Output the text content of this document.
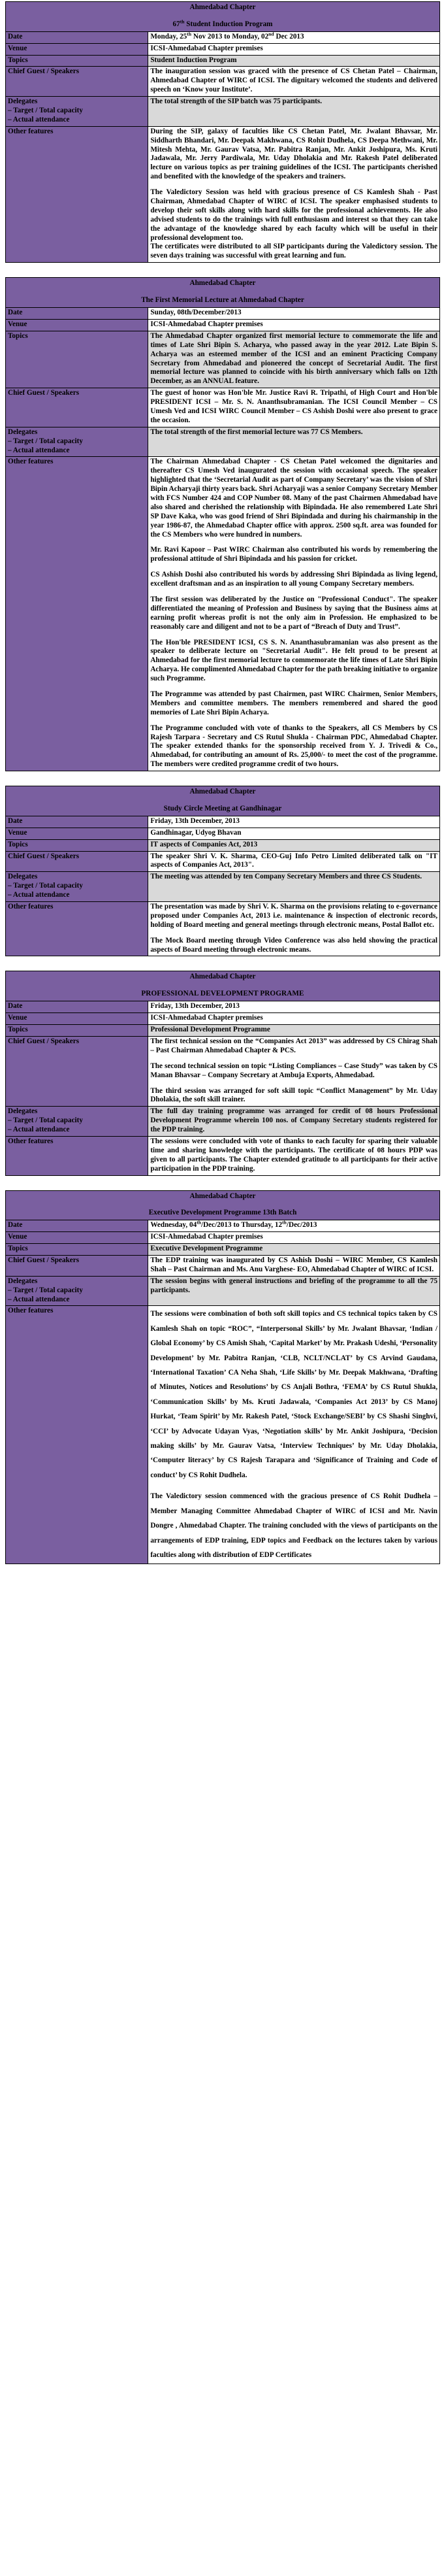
Ahmedabad Chapter
67th Student Induction Program	

Date	Monday, 25th Nov 2013 to Monday, 02nd Dec 2013
Venue	ICSI-Ahmedabad Chapter premises
Topics	Student Induction Program
Chief Guest / Speakers	The inauguration session was graced with the presence of CS Chetan Patel – Chairman, Ahmedabad Chapter of WIRC of ICSI. The dignitary welcomed the students and delivered speech on ‘Know your Institute’.

Delegates
– Target / Total capacity
– Actual attendance	The total strength of the SIP batch was 75 participants.

Other features	During the SIP, galaxy of faculties like CS Chetan Patel, Mr. Jwalant Bhavsar, Mr. Siddharth Bhandari, Mr. Deepak Makhwana, CS Rohit Dudhela, CS Deepa Methwani, Mr. Mitesh Mehta, Mr. Gaurav Vatsa, Mr. Pabitra Ranjan, Mr. Ankit Joshipura, Ms. Kruti Jadawala, Mr. Jerry Pardiwala, Mr. Uday Dholakia and Mr. Rakesh Patel deliberated lecture on various topics as per training guidelines of the ICSI. The participants cherished and benefited with the knowledge of the speakers and trainers.

The Valedictory Session was held with gracious presence of CS Kamlesh Shah - Past Chairman, Ahmedabad Chapter of WIRC of ICSI. The speaker emphasised students to develop their soft skills along with hard skills for the professional achievements. He also advised students to do the trainings with full enthusiasm and interest so that they can take the advantage of the knowledge shared by each faculty which will be useful in their professional development too.

The certificates were distributed to all SIP participants during the Valedictory session. The seven days training was successful with great learning and fun.

Ahmedabad Chapter
The First Memorial Lecture at Ahmedabad Chapter	

Date	Sunday, 08th/December/2013
Venue	ICSI-Ahmedabad Chapter premises
Topics	The Ahmedabad Chapter organized first memorial lecture to commemorate the life and times of Late Shri Bipin S. Acharya, who passed away in the year 2012. Late Bipin S. Acharya was an esteemed member of the ICSI and an eminent Practicing Company Secretary from Ahmedabad and pioneered the concept of Secretarial Audit. The first memorial lecture was planned to coincide with his birth anniversary which falls on 12th December, as an ANNUAL feature.
Chief Guest / Speakers	The guest of honor was Hon'ble Mr. Justice Ravi R. Tripathi, of High Court and Hon'ble PRESIDENT ICSI – Mr. S. N. Ananthsubramanian. The ICSI Council Member – CS Umesh Ved and ICSI WIRC Council Member – CS Ashish Doshi were also present to grace the occasion.

Delegates
– Target / Total capacity
– Actual attendance	The total strength of the first memorial lecture was 77 CS Members.

Other features	The Chairman Ahmedabad Chapter - CS Chetan Patel welcomed the dignitaries and thereafter CS Umesh Ved inaugurated the session with occasional speech. The speaker highlighted that the ‘Secretarial Audit as part of Company Secretary’ was the vision of Shri Bipin Acharyaji thirty years back. Shri Acharyaji was a senior Company Secretary Member with FCS Number 424 and COP Number 08. Many of the past Chairmen Ahmedabad have also shared and cherished the relationship with Bipindada. He also remembered Late Shri SP Dave Kaka, who was good friend of Shri Bipindada and during his chairmanship in the year 1986-87, the Ahmedabad Chapter office with approx. 2500 sq.ft. area was founded for the CS Members who were hundred in numbers.

Mr. Ravi Kapoor – Past WIRC Chairman also contributed his words by remembering the professional attitude of Shri Bipindada and his passion for cricket.

CS Ashish Doshi also contributed his words by addressing Shri Bipindada as living legend, excellent draftsman and as an inspiration to all young Company Secretary members.

The first session was deliberated by the Justice on "Professional Conduct". The speaker differentiated the meaning of Profession and Business by saying that the Business aims at earning profit whereas profit is not the only aim in Profession. He emphasized to be reasonably care and diligent and not to be a part of “Breach of Duty and Trust”.

The Hon'ble PRESIDENT ICSI, CS S. N. Ananthasubramanian was also present as the speaker to deliberate lecture on "Secretarial Audit". He felt proud to be present at Ahmedabad for the first memorial lecture to commemorate the life times of Late Shri Bipin Acharya. He complimented Ahmedabad Chapter for the path breaking initiative to organize such Programme.

The Programme was attended by past Chairmen, past WIRC Chairmen, Senior Members, Members and committee members. The members remembered and shared the good memories of Late Shri Bipin Acharya.

The Programme concluded with vote of thanks to the Speakers, all CS Members by CS Rajesh Tarpara - Secretary and CS Rutul Shukla - Chairman PDC, Ahmedabad Chapter. The speaker extended thanks for the sponsorship received from Y. J. Trivedi & Co., Ahmedabad, for contributing an amount of Rs. 25,000/- to meet the cost of the programme. The members were credited programme credit of two hours.

Ahmedabad Chapter
Study Circle Meeting at Gandhinagar	

Date	Friday, 13th December, 2013
Venue	Gandhinagar, Udyog Bhavan
Topics	IT aspects of Companies Act, 2013
Chief Guest / Speakers	The speaker Shri V. K. Sharma, CEO-Guj Info Petro Limited deliberated talk on "IT aspects of Companies Act, 2013".

Delegates
– Target / Total capacity
– Actual attendance	The meeting was attended by ten Company Secretary Members and three CS Students.

Other features	The presentation was made by Shri V. K. Sharma on the provisions relating to e-governance proposed under Companies Act, 2013 i.e. maintenance & inspection of electronic records, holding of Board meeting and general meetings through electronic means, Postal Ballot etc.

The Mock Board meeting through Video Conference was also held showing the practical aspects of Board meeting through electronic means.

Ahmedabad Chapter
PROFESSIONAL DEVELOPMENT PROGRAME	

Date	Friday, 13th December, 2013
Venue	ICSI-Ahmedabad Chapter premises
Topics	Professional Development Programme
Chief Guest / Speakers	The first technical session on the “Companies Act 2013” was addressed by CS Chirag Shah – Past Chairman Ahmedabad Chapter & PCS.

The second technical session on topic “Listing Compliances – Case Study” was taken by CS Manan Bhavsar – Company Secretary at Ambuja Exports, Ahmedabad.

The third session was arranged for soft skill topic “Conflict Management” by Mr. Uday Dholakia, the soft skill trainer.

Delegates
– Target / Total capacity
– Actual attendance	The full day training programme was arranged for credit of 08 hours Professional Development Programme wherein 100 nos. of Company Secretary students registered for the PDP training.

Other features	The sessions were concluded with vote of thanks to each faculty for sparing their valuable time and sharing knowledge with the participants. The certificate of 08 hours PDP was given to all participants. The Chapter extended gratitude to all participants for their active participation in the PDP training.

Ahmedabad Chapter
Executive Development Programme 13th Batch	

Date	Wednesday, 04th/Dec/2013 to Thursday, 12th/Dec/2013
Venue	ICSI-Ahmedabad Chapter premises
Topics	Executive Development Programme
Chief Guest / Speakers	The EDP training was inaugurated by CS Ashish Doshi – WIRC Member, CS Kamlesh Shah – Past Chairman and Ms. Anu Varghese- EO, Ahmedabad Chapter of WIRC of ICSI.

Delegates
– Target / Total capacity
– Actual attendance	The session begins with general instructions and briefing of the programme to all the 75 participants.

Other features	The sessions were combination of both soft skill topics and CS technical topics taken by CS Kamlesh Shah on topic “ROC”, “Interpersonal Skills’ by Mr. Jwalant Bhavsar, ‘Indian / Global Economy’ by CS Amish Shah, ‘Capital Market’ by Mr. Prakash Udeshi, ‘Personality Development’ by Mr. Pabitra Ranjan, ‘CLB, NCLT/NCLAT’ by CS Arvind Gaudana, ‘International Taxation’ CA Neha Shah, ‘Life Skills’ by Mr. Deepak Makhwana, ‘Drafting of Minutes, Notices and Resolutions’ by CS Anjali Bothra, ‘FEMA’ by CS Rutul Shukla, ‘Communication Skills’ by Ms. Kruti Jadawala, ‘Companies Act 2013’ by CS Manoj Hurkat, ‘Team Spirit’ by Mr. Rakesh Patel, ‘Stock Exchange/SEBI’ by CS Shashi Singhvi, ‘CCI’ by Advocate Udayan Vyas, ‘Negotiation skills’ by Mr. Ankit Joshipura, ‘Decision making skills’ by Mr. Gaurav Vatsa, ‘Interview Techniques’ by Mr. Uday Dholakia, ‘Computer literacy’ by CS Rajesh Tarapara and ‘Significance of Training and Code of conduct’ by CS Rohit Dudhela.

The Valedictory session commenced with the gracious presence of CS Rohit Dudhela – Member Managing Committee Ahmedabad Chapter of WIRC of ICSI and Mr. Navin Dongre , Ahmedabad Chapter. The training concluded with the views of participants on the arrangements of EDP training, EDP topics and Feedback on the lectures taken by various faculties along with distribution of EDP Certificates
